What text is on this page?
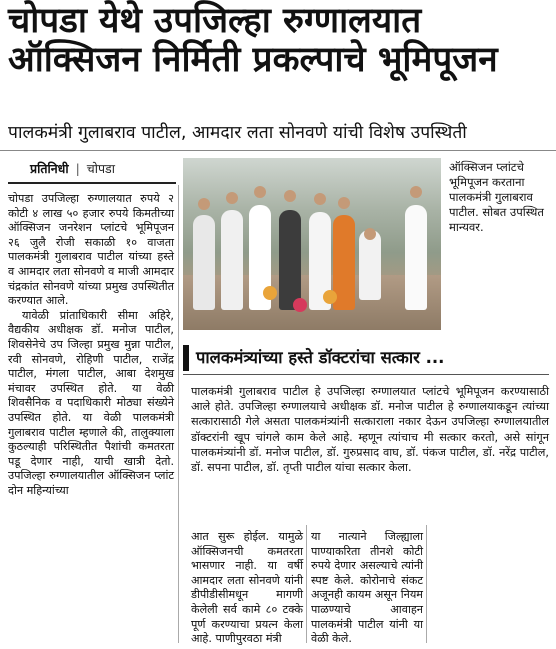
चोपडा येथे उपजिल्हा रुग्णालयात
ऑक्सिजन निर्मिती प्रकल्पाचे भूमिपूजन
पालकमंत्री गुलाबराव पाटील, आमदार लता सोनवणे यांची विशेष उपस्थिती
प्रतिनिधी | चोपडा

चोपडा उपजिल्हा रुग्णालयात रुपये २ कोटी ४ लाख ५० हजार रुपये किमतीच्या ऑक्सिजन जनरेशन प्लांटचे भूमिपूजन २६ जुलै रोजी सकाळी १० वाजता पालकमंत्री गुलाबराव पाटील यांच्या हस्ते व आमदार लता सोनवणे व माजी आमदार चंद्रकांत सोनवणे यांच्या प्रमुख उपस्थितीत करण्यात आले.

यावेळी प्रांताधिकारी सीमा अहिरे, वैद्यकीय अधीक्षक डॉ. मनोज पाटील, शिवसेनेचे उप जिल्हा प्रमुख मुन्ना पाटील, रवी सोनवणे, रोहिणी पाटील, राजेंद्र पाटील, मंगला पाटील, आबा देशमुख मंचावर उपस्थित होते. या वेळी शिवसैनिक व पदाधिकारी मोठ्या संख्येने उपस्थित होते. या वेळी पालकमंत्री गुलाबराव पाटील म्हणाले की, तालुक्याला कुठल्याही परिस्थितीत पैशांची कमतरता पडू देणार नाही, याची खात्री देतो. उपजिल्हा रुग्णालयातील ऑक्सिजन प्लांट दोन महिन्यांच्या

ऑक्सिजन प्लांटचे भूमिपूजन करताना पालकमंत्री गुलाबराव पाटील. सोबत उपस्थित मान्यवर.
पालकमंत्र्यांच्या हस्ते डॉक्टरांचा सत्कार ...

पालकमंत्री गुलाबराव पाटील हे उपजिल्हा रुग्णालयात प्लांटचे भूमिपूजन करण्यासाठी आले होते. उपजिल्हा रुग्णालयाचे अधीक्षक डॉ. मनोज पाटील हे रुग्णालयाकडून त्यांच्या सत्कारासाठी गेले असता पालकमंत्र्यांनी सत्काराला नकार देऊन उपजिल्हा रुग्णालयातील डॉक्टरांनी खूप चांगले काम केले आहे. म्हणून त्यांचाच मी सत्कार करतो, असे सांगून पालकमंत्र्यांनी डॉ. मनोज पाटील, डॉ. गुरुप्रसाद वाघ, डॉ. पंकज पाटील, डॉ. नरेंद्र पाटील, डॉ. सपना पाटील, डॉ. तृप्ती पाटील यांचा सत्कार केला.

आत सुरू होईल. यामुळे ऑक्सिजनची कमतरता भासणार नाही. या वर्षी आमदार लता सोनवणे यांनी डीपीडीसीमधून मागणी केलेली सर्व कामे ८० टक्के पूर्ण करण्याचा प्रयत्न केला आहे. पाणीपुरवठा मंत्री

या नात्याने जिल्ह्याला पाण्याकरिता तीनशे कोटी रुपये देणार असल्याचे त्यांनी स्पष्ट केले. कोरोनाचे संकट अजूनही कायम असून नियम पाळण्याचे आवाहन पालकमंत्री पाटील यांनी या वेळी केले.
